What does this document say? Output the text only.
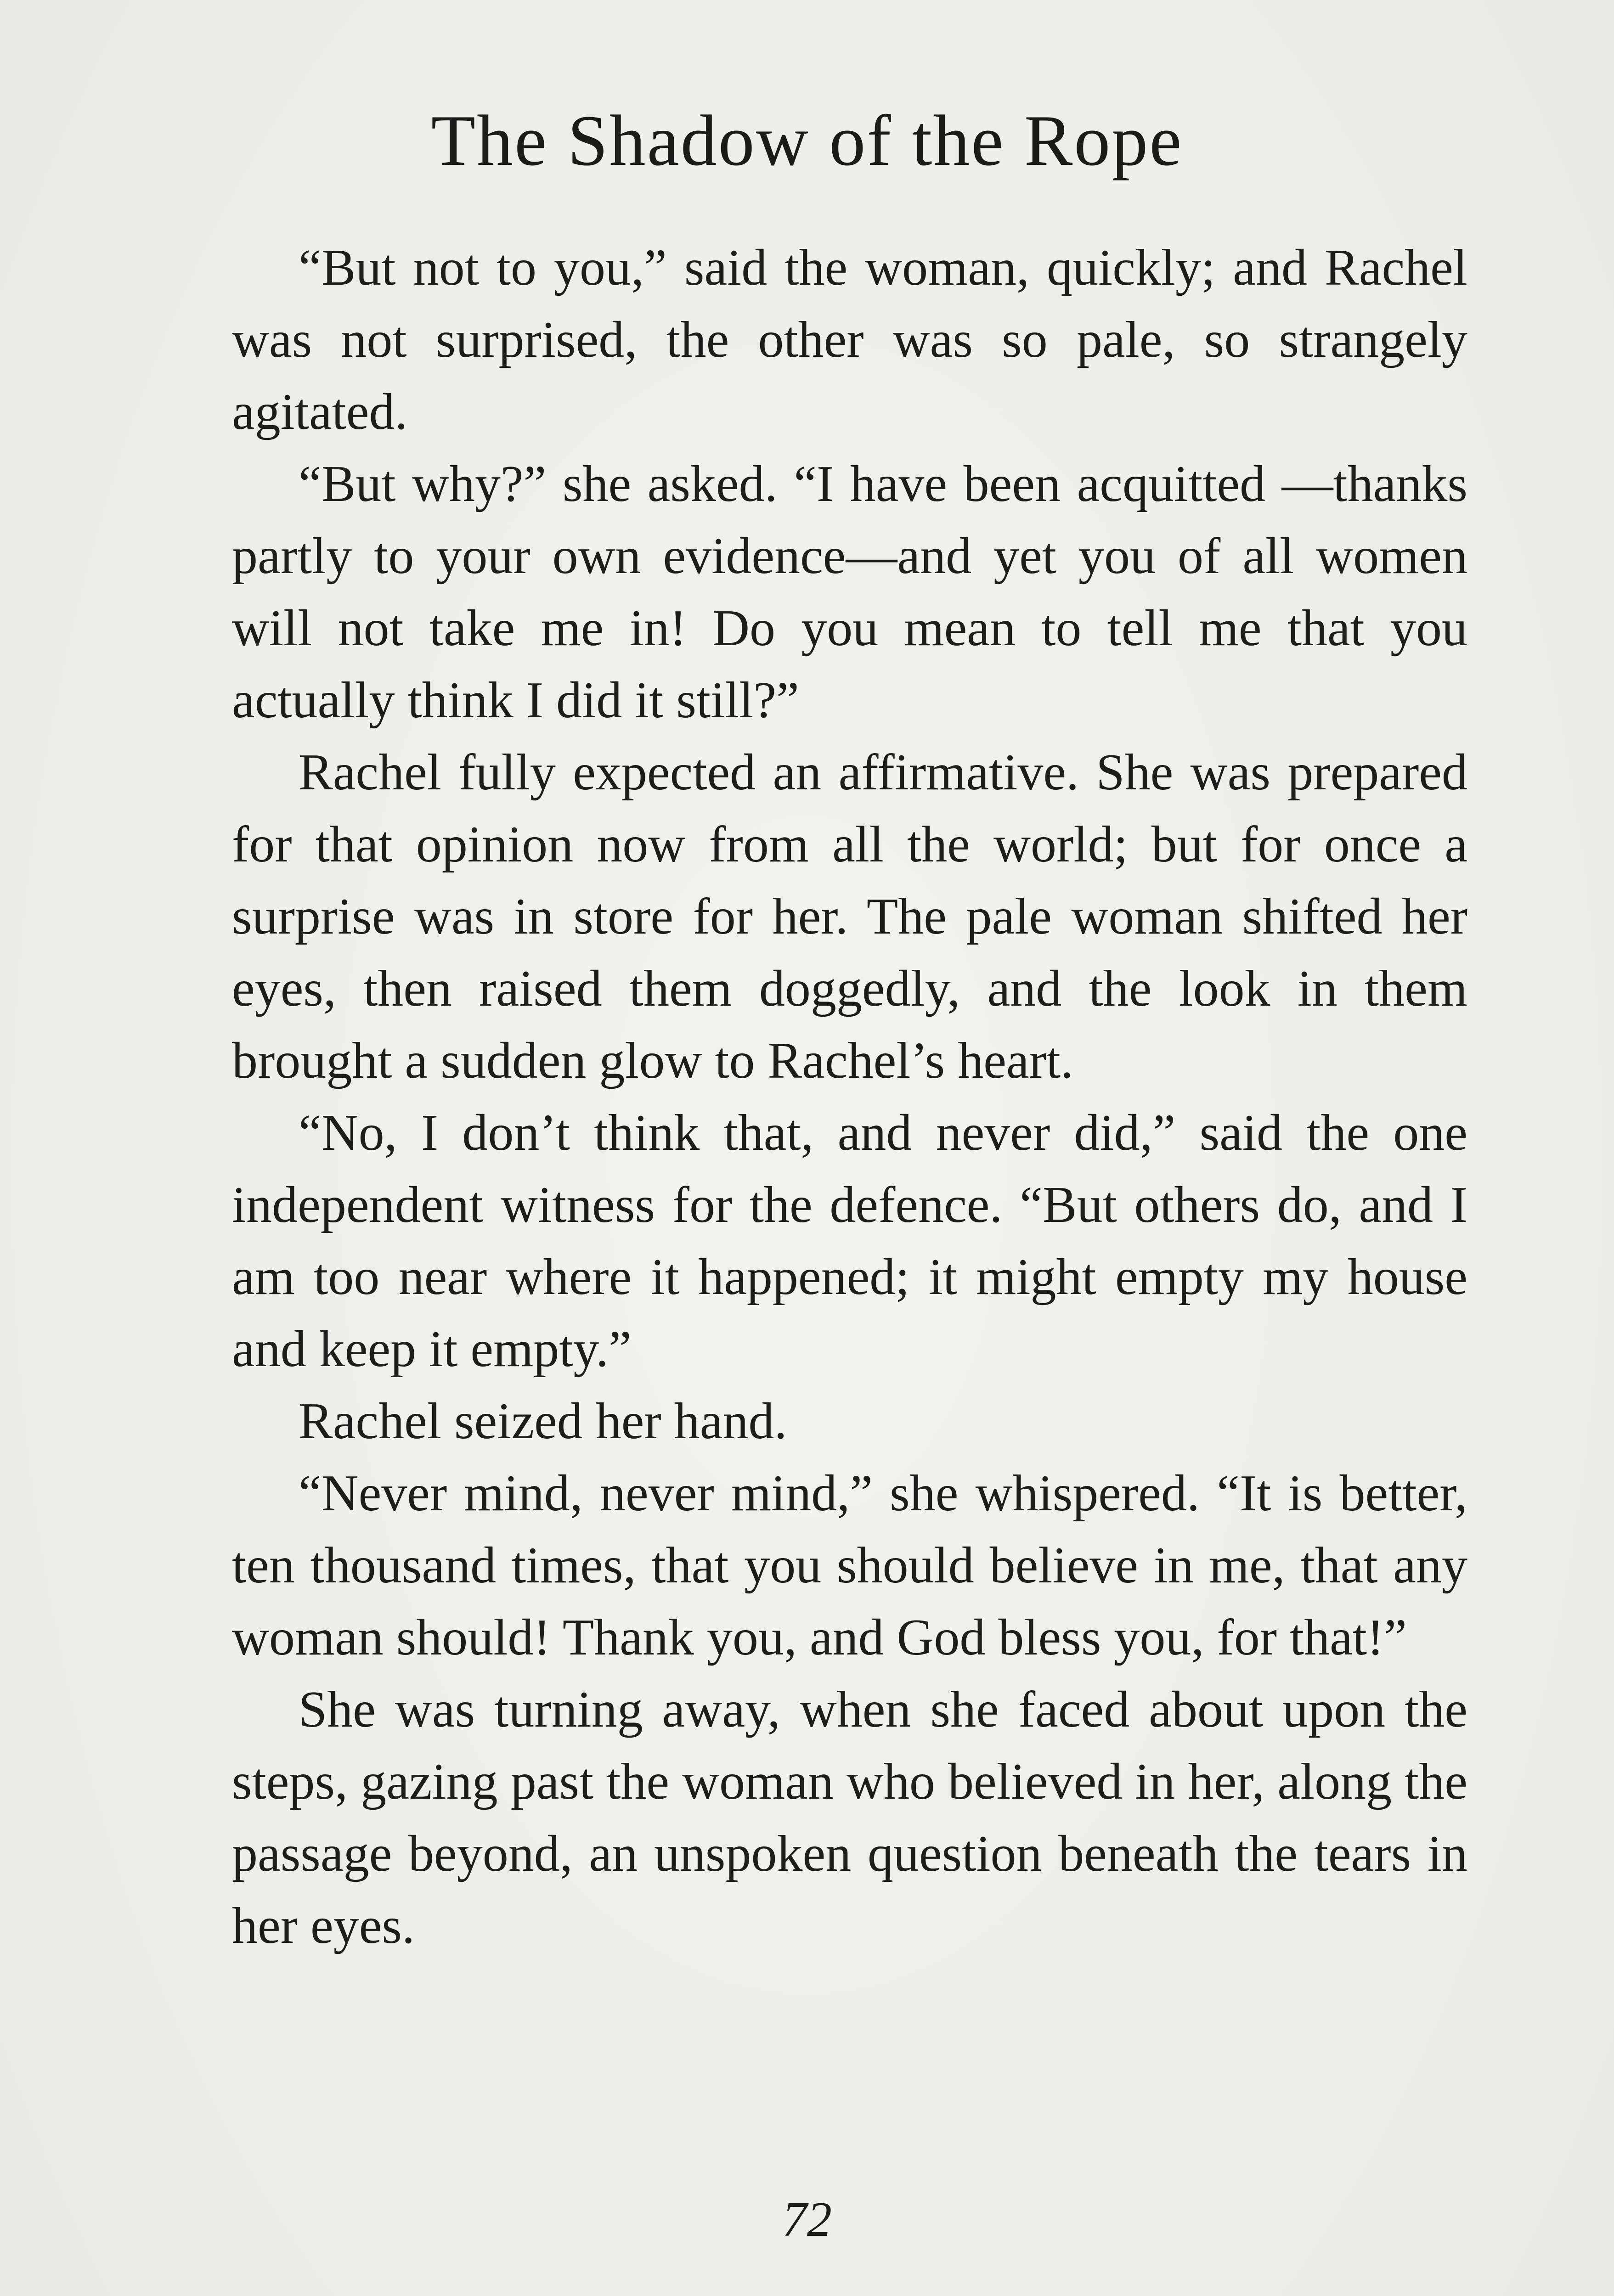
The Shadow of the Rope

“But not to you,” said the woman, quickly; and Rachel was not surprised, the other was so pale, so strangely agitated.

“But why?” she asked. “I have been acquitted —thanks partly to your own evidence—and yet you of all women will not take me in! Do you mean to tell me that you actually think I did it still?”

Rachel fully expected an affirmative. She was prepared for that opinion now from all the world; but for once a surprise was in store for her. The pale woman shifted her eyes, then raised them doggedly, and the look in them brought a sudden glow to Rachel’s heart.

“No, I don’t think that, and never did,” said the one independent witness for the defence. “But others do, and I am too near where it happened; it might empty my house and keep it empty.”

Rachel seized her hand.

“Never mind, never mind,” she whispered. “It is better, ten thousand times, that you should believe in me, that any woman should! Thank you, and God bless you, for that!”

She was turning away, when she faced about upon the steps, gazing past the woman who believed in her, along the passage beyond, an unspoken question beneath the tears in her eyes.

72
